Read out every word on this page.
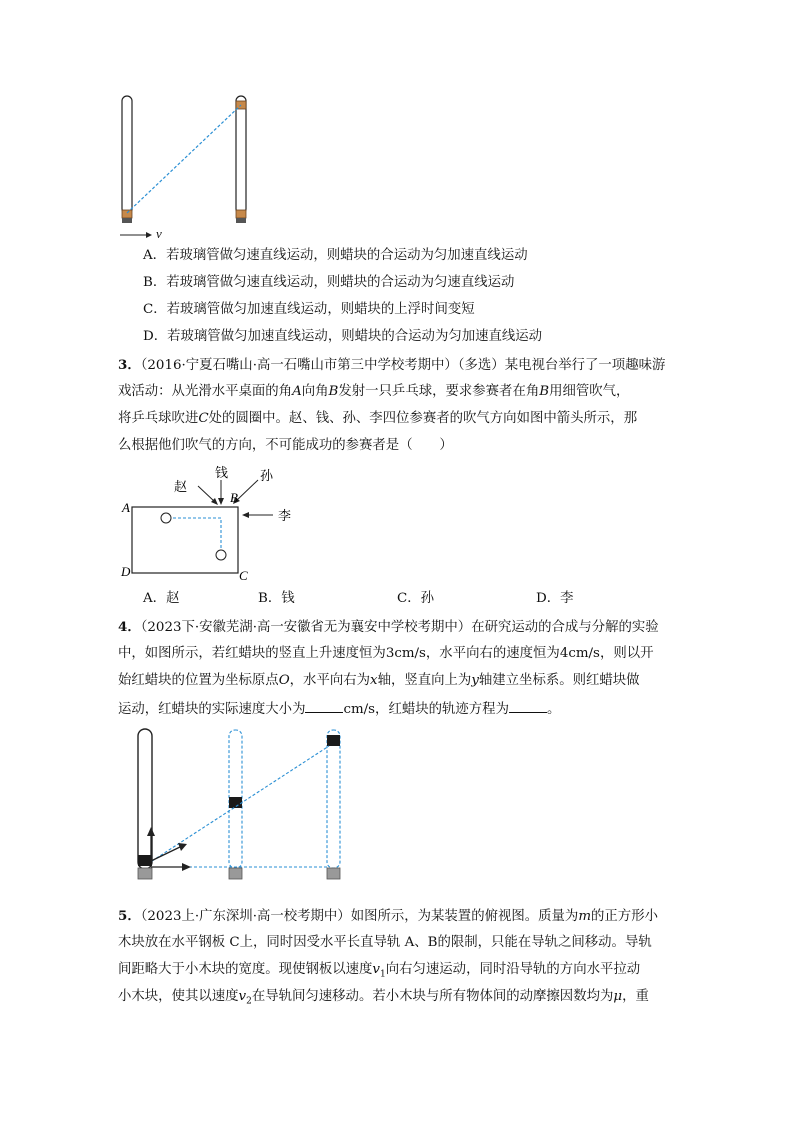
v
A．若玻璃管做匀速直线运动，则蜡块的合运动为匀加速直线运动
B．若玻璃管做匀速直线运动，则蜡块的合运动为匀速直线运动
C．若玻璃管做匀加速直线运动，则蜡块的上浮时间变短
D．若玻璃管做匀加速直线运动，则蜡块的合运动为匀加速直线运动
3．（2016·宁夏石嘴山·高一石嘴山市第三中学校考期中）（多选）某电视台举行了一项趣味游
戏活动：从光滑水平桌面的角A向角B发射一只乒乓球，要求参赛者在角B用细管吹气，
将乒乓球吹进C处的圆圈中。赵、钱、孙、李四位参赛者的吹气方向如图中箭头所示，那
么根据他们吹气的方向，不可能成功的参赛者是（　　）
赵
钱 孙
李
A
B
C
D
A．赵	B．钱	C．孙	D．李
4．（2023下·安徽芜湖·高一安徽省无为襄安中学校考期中）在研究运动的合成与分解的实验
中，如图所示，若红蜡块的竖直上升速度恒为3cm/s，水平向右的速度恒为4cm/s，则以开
始红蜡块的位置为坐标原点O，水平向右为x轴，竖直向上为y轴建立坐标系。则红蜡块做
运动，红蜡块的实际速度大小为	cm/s，红蜡块的轨迹方程为	。
5．（2023上·广东深圳·高一校考期中）如图所示，为某装置的俯视图。质量为m的正方形小
木块放在水平钢板 C上，同时因受水平长直导轨 A、B的限制，只能在导轨之间移动。导轨
间距略大于小木块的宽度。现使钢板以速度$v_1$向右匀速运动，同时沿导轨的方向水平拉动
小木块，使其以速度$v_2$在导轨间匀速移动。若小木块与所有物体间的动摩擦因数均为μ，重
